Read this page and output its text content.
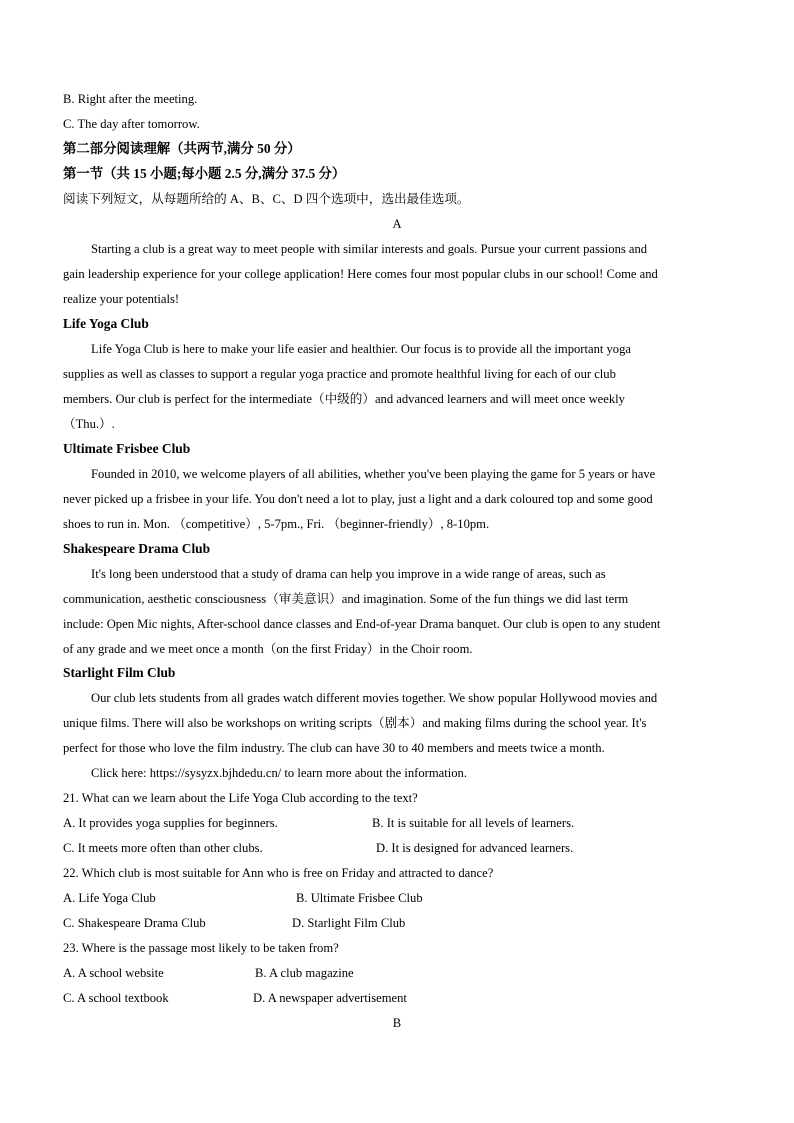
B. Right after the meeting.
C. The day after tomorrow.
第二部分阅读理解（共两节,满分 50 分）
第一节（共 15 小题;每小题 2.5 分,满分 37.5 分）
阅读下列短文，从每题所给的 A、B、C、D 四个选项中，选出最佳选项。
A
Starting a club is a great way to meet people with similar interests and goals. Pursue your current passions and
gain leadership experience for your college application! Here comes four most popular clubs in our school! Come and
realize your potentials!
Life Yoga Club
Life Yoga Club is here to make your life easier and healthier. Our focus is to provide all the important yoga
supplies as well as classes to support a regular yoga practice and promote healthful living for each of our club
members. Our club is perfect for the intermediate（中级的）and advanced learners and will meet once weekly
（Thu.）.
Ultimate Frisbee Club
Founded in 2010, we welcome players of all abilities, whether you've been playing the game for 5 years or have
never picked up a frisbee in your life. You don't need a lot to play, just a light and a dark coloured top and some good
shoes to run in. Mon. （competitive）, 5-7pm., Fri. （beginner-friendly）, 8-10pm.
Shakespeare Drama Club
It's long been understood that a study of drama can help you improve in a wide range of areas, such as
communication, aesthetic consciousness（审美意识）and imagination. Some of the fun things we did last term
include: Open Mic nights, After-school dance classes and End-of-year Drama banquet. Our club is open to any student
of any grade and we meet once a month（on the first Friday）in the Choir room.
Starlight Film Club
Our club lets students from all grades watch different movies together. We show popular Hollywood movies and
unique films. There will also be workshops on writing scripts（剧本）and making films during the school year. It's
perfect for those who love the film industry. The club can have 30 to 40 members and meets twice a month.
Click here: https://sysyzx.bjhdedu.cn/ to learn more about the information.
21. What can we learn about the Life Yoga Club according to the text?
A. It provides yoga supplies for beginners.	B. It is suitable for all levels of learners.
C. It meets more often than other clubs.	D. It is designed for advanced learners.
22. Which club is most suitable for Ann who is free on Friday and attracted to dance?
A. Life Yoga Club	B. Ultimate Frisbee Club
C. Shakespeare Drama Club	D. Starlight Film Club
23. Where is the passage most likely to be taken from?
A. A school website	B. A club magazine
C. A school textbook	D. A newspaper advertisement
B
